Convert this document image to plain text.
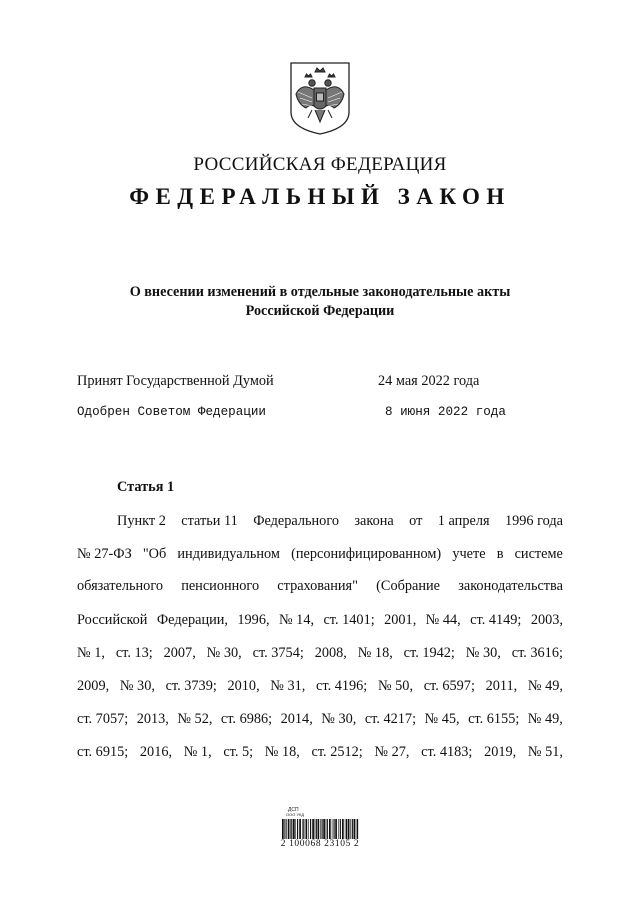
РОССИЙСКАЯ ФЕДЕРАЦИЯ
ФЕДЕРАЛЬНЫЙ ЗАКОН
О внесении изменений в отдельные законодательные акты
Российской Федерации
Принят Государственной Думой	24 мая 2022 года
Одобрен Советом Федерации	8 июня 2022 года
Статья 1
Пункт 2 статьи 11 Федерального закона от 1 апреля 1996 года
№ 27-ФЗ "Об индивидуальном (персонифицированном) учете в системе
обязательного пенсионного страхования" (Собрание законодательства
Российской Федерации, 1996, № 14, ст. 1401; 2001, № 44, ст. 4149; 2003,
№ 1, ст. 13; 2007, № 30, ст. 3754; 2008, № 18, ст. 1942; № 30, ст. 3616;
2009, № 30, ст. 3739; 2010, № 31, ст. 4196; № 50, ст. 6597; 2011, № 49,
ст. 7057; 2013, № 52, ст. 6986; 2014, № 30, ст. 4217; № 45, ст. 6155; № 49,
ст. 6915; 2016, № 1, ст. 5; № 18, ст. 2512; № 27, ст. 4183; 2019, № 51,
ДСП
ООО УКД
2 100068 23105 2
